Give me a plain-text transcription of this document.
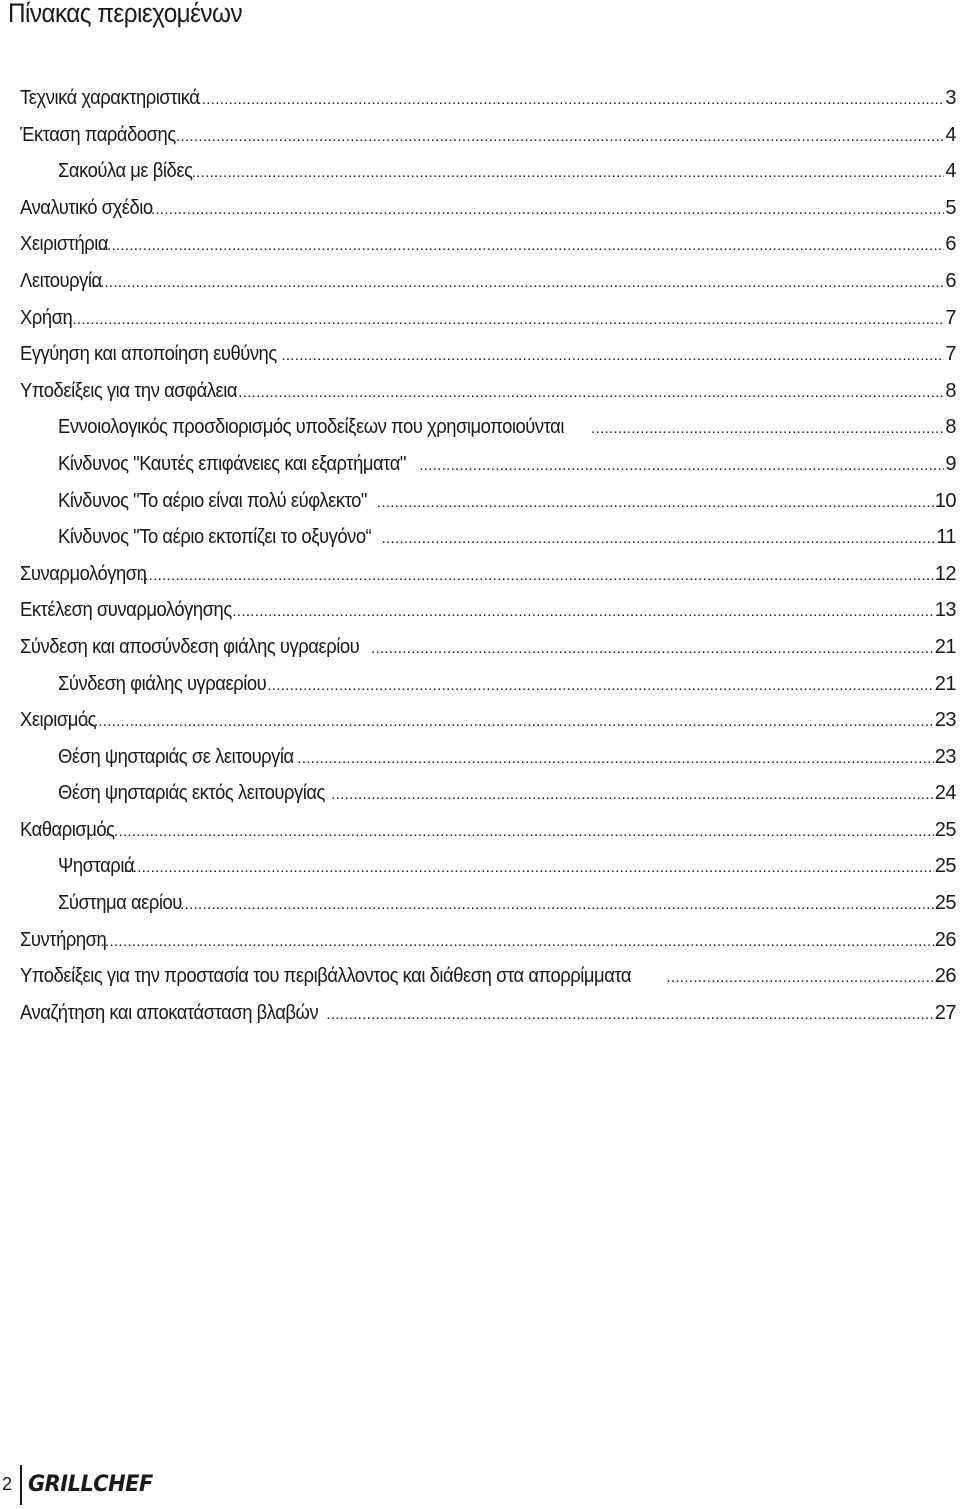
Πίνακας περιεχομένων
Τεχνικά χαρακτηριστικά .....	3
Έκταση παράδοσης .....	4
Σακούλα με βίδες .....	4
Αναλυτικό σχέδιο .....	5
Χειριστήρια .....	6
Λειτουργία .....	6
Χρήση .....	7
Εγγύηση και αποποίηση ευθύνης .....	7
Υποδείξεις για την ασφάλεια .....	8
Εννοιολογικός προσδιορισμός υποδείξεων που χρησιμοποιούνται .....	8
Κίνδυνος "Καυτές επιφάνειες και εξαρτήματα" .....	9
Κίνδυνος "Το αέριο είναι πολύ εύφλεκτο" .....	10
Κίνδυνος "Το αέριο εκτοπίζει το οξυγόνο“ .....	11
Συναρμολόγηση .....	12
Εκτέλεση συναρμολόγησης .....	13
Σύνδεση και αποσύνδεση φιάλης υγραερίου .....	21
Σύνδεση φιάλης υγραερίου .....	21
Χειρισμός .....	23
Θέση ψησταριάς σε λειτουργία .....	23
Θέση ψησταριάς εκτός λειτουργίας .....	24
Καθαρισμός .....	25
Ψησταριά .....	25
Σύστημα αερίου .....	25
Συντήρηση .....	26
Υποδείξεις για την προστασία του περιβάλλοντος και διάθεση στα απορρίμματα .....	26
Αναζήτηση και αποκατάσταση βλαβών .....	27
2 GRILLCHEF
